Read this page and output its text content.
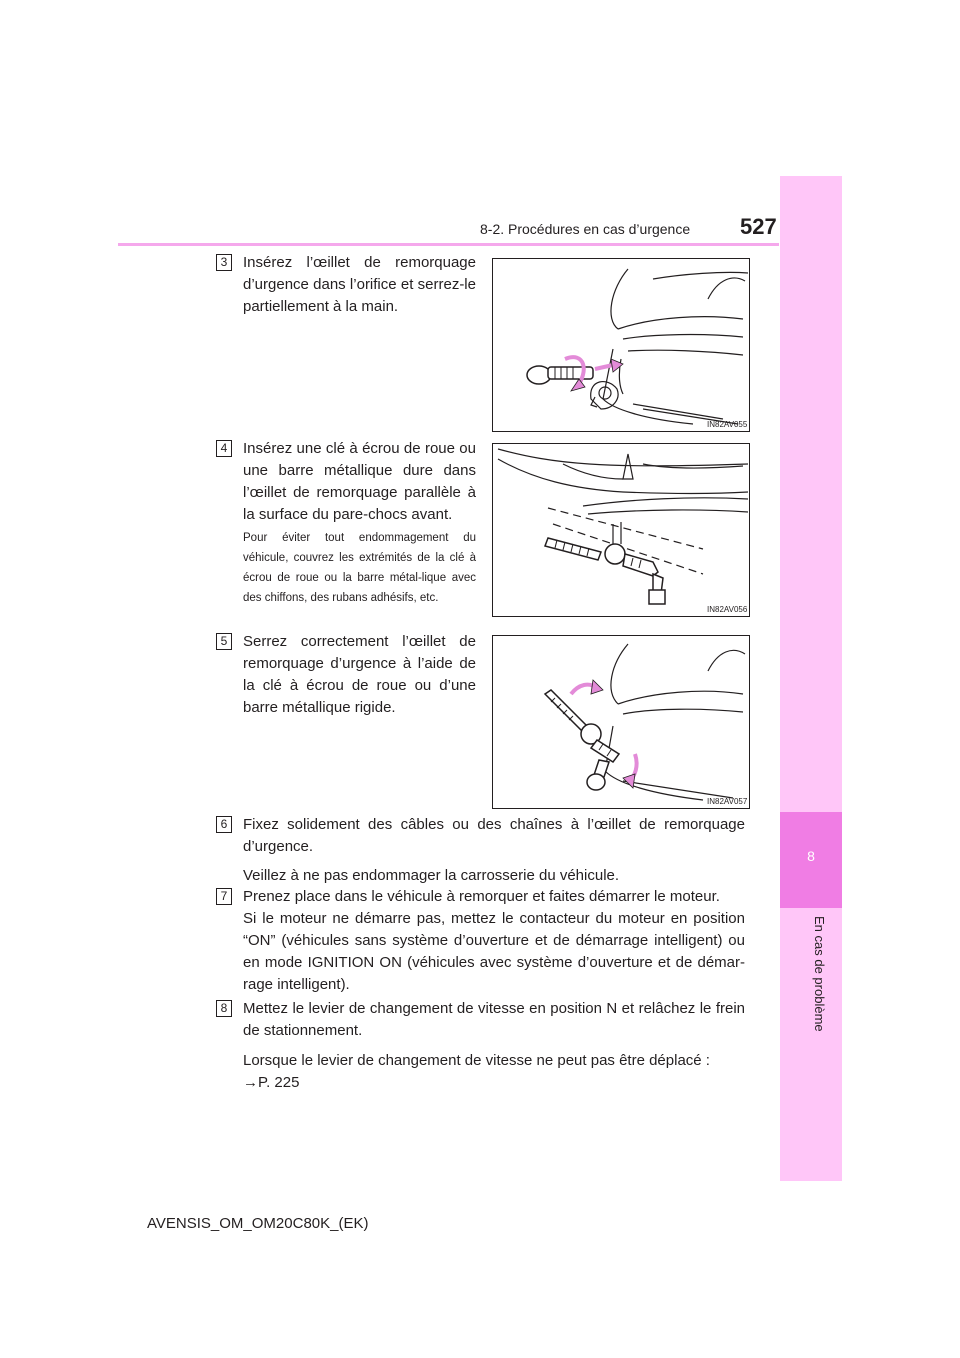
8-2. Procédures en cas d’urgence 527
8
En cas de problème
3	Insérez l’œillet de remorquage d’urgence dans l’orifice et serrez-le partiellement à la main.

IN82AV055
4	Insérez une clé à écrou de roue ou une barre métallique dure dans l’œillet de remorquage parallèle à la surface du pare-chocs avant.

Pour éviter tout endommagement du véhicule, couvrez les extrémités de la clé à écrou de roue ou la barre métal-lique avec des chiffons, des rubans adhésifs, etc.

IN82AV056
5	Serrez correctement l’œillet de remorquage d’urgence à l’aide de la clé à écrou de roue ou d’une barre métallique rigide.

IN82AV057
6	Fixez solidement des câbles ou des chaînes à l’œillet de remorquage d’urgence.

Veillez à ne pas endommager la carrosserie du véhicule.

7	Prenez place dans le véhicule à remorquer et faites démarrer le moteur.

Si le moteur ne démarre pas, mettez le contacteur du moteur en position “ON” (véhicules sans système d’ouverture et de démarrage intelligent) ou en mode IGNITION ON (véhicules avec système d’ouverture et de démar-rage intelligent).

8	Mettez le levier de changement de vitesse en position N et relâchez le frein de stationnement.

Lorsque le levier de changement de vitesse ne peut pas être déplacé :

→P. 225

AVENSIS_OM_OM20C80K_(EK)
